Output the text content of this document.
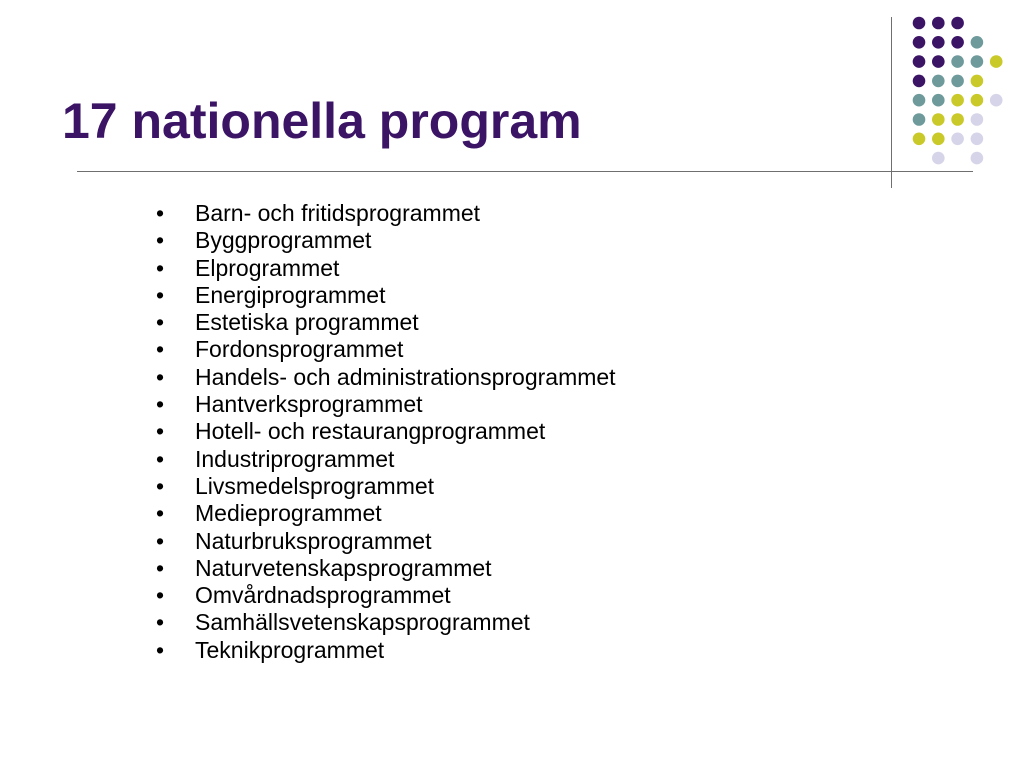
17 nationella program
• Barn- och fritidsprogrammet
• Byggprogrammet
• Elprogrammet
• Energiprogrammet
• Estetiska programmet
• Fordonsprogrammet
• Handels- och administrationsprogrammet
• Hantverksprogrammet
• Hotell- och restaurangprogrammet
• Industriprogrammet
• Livsmedelsprogrammet
• Medieprogrammet
• Naturbruksprogrammet
• Naturvetenskapsprogrammet
• Omvårdnadsprogrammet
• Samhällsvetenskapsprogrammet
• Teknikprogrammet
